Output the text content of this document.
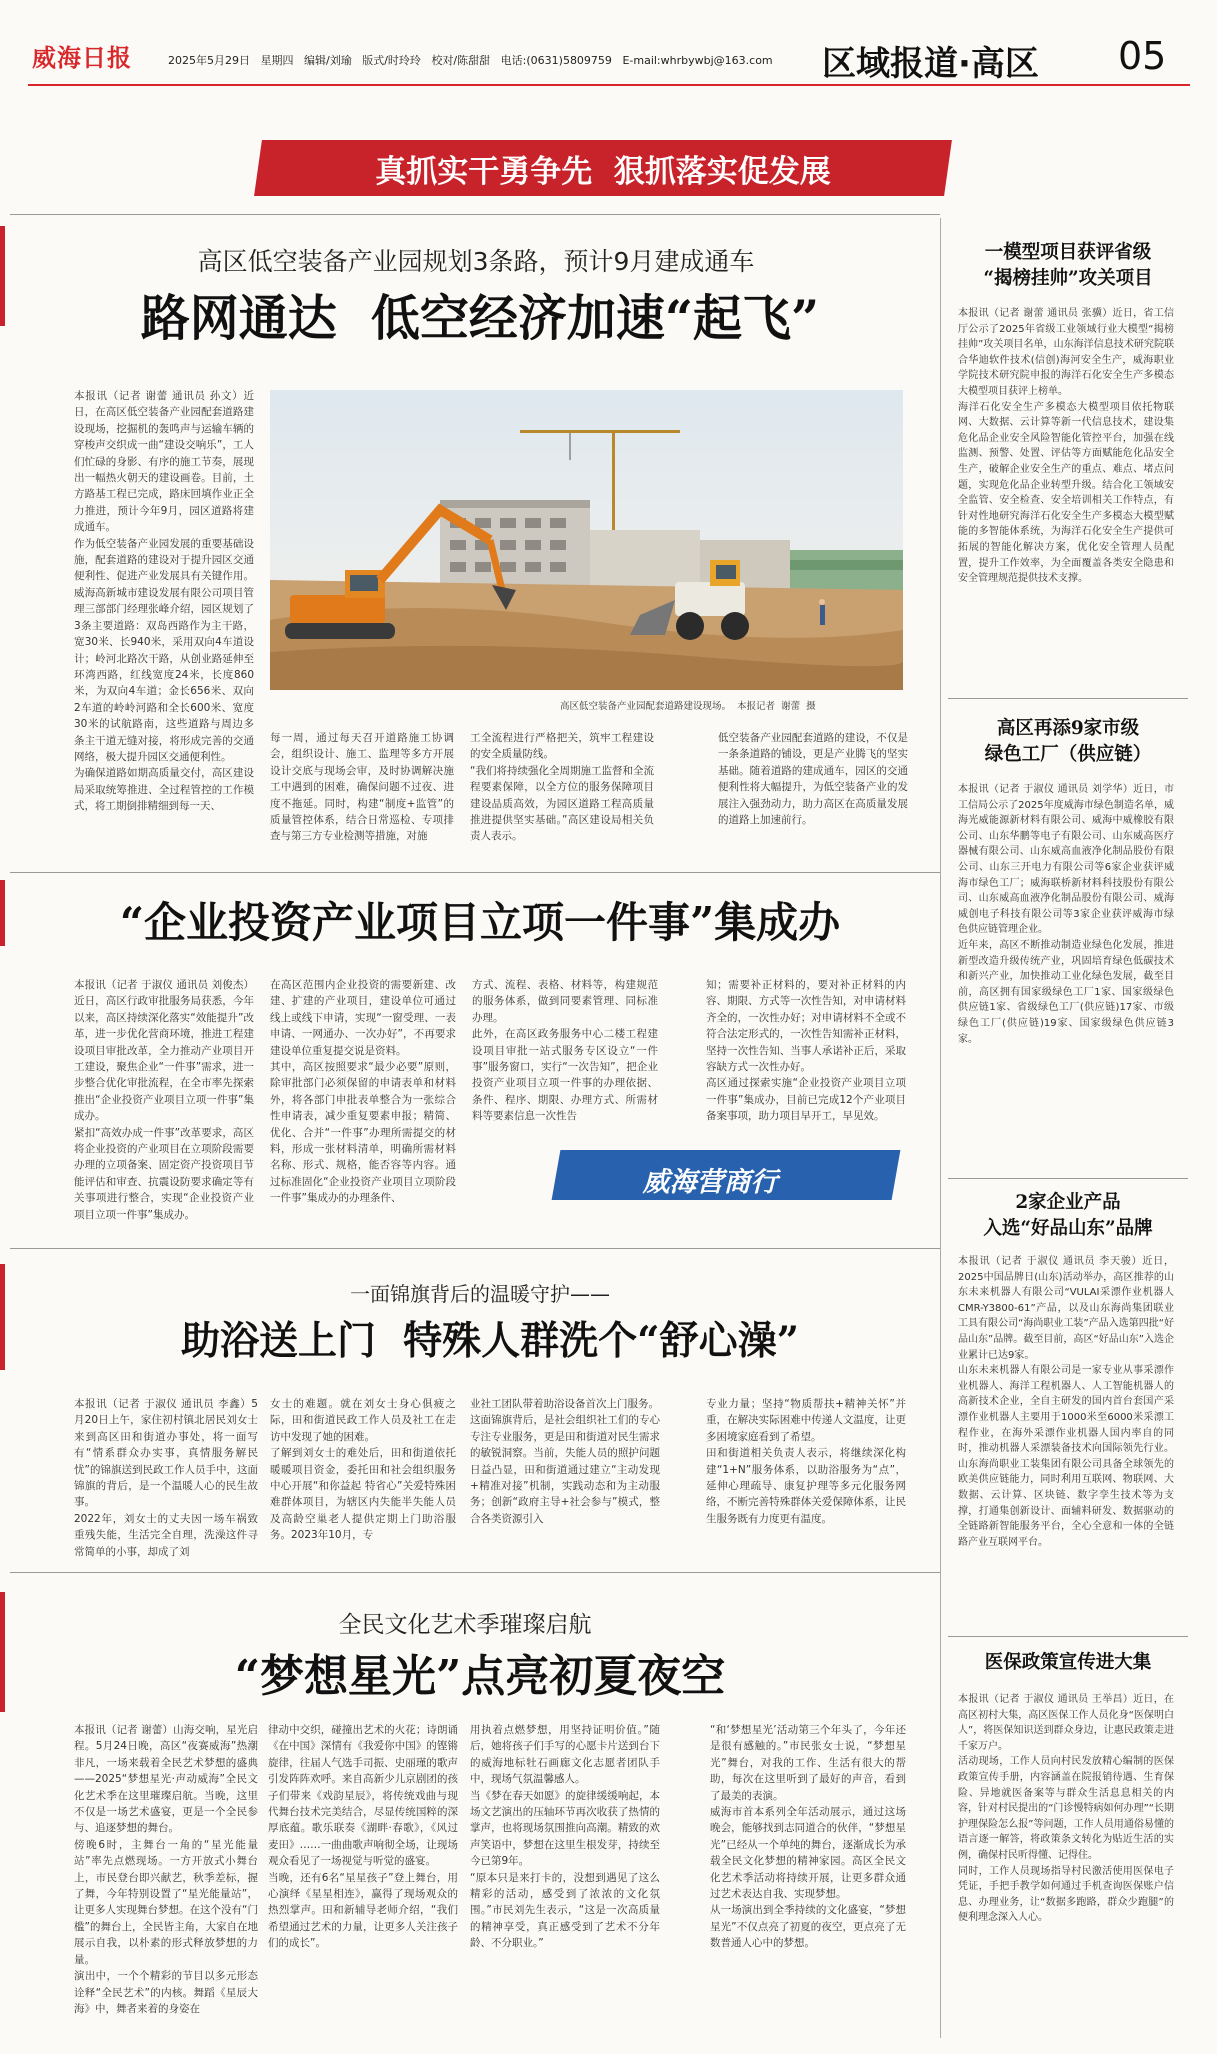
威海日报	2025年5月29日 星期四 编辑/刘瑜 版式/时玲玲 校对/陈甜甜 电话:(0631)5809759 E-mail:whrbywbj@163.com 区域报道·高区 05
真抓实干勇争先  狠抓落实促发展
高区低空装备产业园规划3条路，预计9月建成通车
路网通达  低空经济加速“起飞”
本报讯（记者 谢蕾 通讯员 孙文）近日，在高区低空装备产业园配套道路建设现场，挖掘机的轰鸣声与运输车辆的穿梭声交织成一曲“建设交响乐”，工人们忙碌的身影、有序的施工节奏，展现出一幅热火朝天的建设画卷。目前，土方路基工程已完成，路床回填作业正全力推进，预计今年9月，园区道路将建成通车。
作为低空装备产业园发展的重要基础设施，配套道路的建设对于提升园区交通便利性、促进产业发展具有关键作用。威海高新城市建设发展有限公司项目管理三部部门经理张峰介绍，园区规划了3条主要道路：双岛西路作为主干路，宽30米、长940米，采用双向4车道设计；岭河北路次干路，从创业路延伸至环湾西路，红线宽度24米，长度860米，为双向4车道；金长656米、双向2车道的岭岭河路和全长600米、宽度30米的试航路南，这些道路与周边多条主干道无缝对接，将形成完善的交通网络，极大提升园区交通便利性。
为确保道路如期高质量交付，高区建设局采取统筹推进、全过程管控的工作模式，将工期倒排精细到每一天、
高区低空装备产业园配套道路建设现场。  本报记者  谢蕾  摄
每一周，通过每天召开道路施工协调会，组织设计、施工、监理等多方开展设计交底与现场会审，及时协调解决施工中遇到的困难，确保问题不过夜、进度不拖延。同时，构建“制度+监管”的质量管控体系，结合日常巡检、专项排查与第三方专业检测等措施，对施
工全流程进行严格把关，筑牢工程建设的安全质量防线。
“我们将持续强化全周期施工监督和全流程要素保障，以全方位的服务保障项目建设品质高效，为园区道路工程高质量推进提供坚实基础。”高区建设局相关负责人表示。
低空装备产业园配套道路的建设，不仅是一条条道路的铺设，更是产业腾飞的坚实基础。随着道路的建成通车，园区的交通便利性将大幅提升，为低空装备产业的发展注入强劲动力，助力高区在高质量发展的道路上加速前行。
“企业投资产业项目立项一件事”集成办
本报讯（记者 于淑仪 通讯员 刘俊杰）近日，高区行政审批服务局获悉，今年以来，高区持续深化落实“效能提升”改革，进一步优化营商环境，推进工程建设项目审批改革，全力推动产业项目开工建设，聚焦企业“一件事”需求，进一步整合优化审批流程，在全市率先探索推出“企业投资产业项目立项一件事”集成办。
紧扣“高效办成一件事”改革要求，高区将企业投资的产业项目在立项阶段需要办理的立项备案、固定资产投资项目节能评估和审查、抗震设防要求确定等有关事项进行整合，实现“企业投资产业项目立项一件事”集成办。
在高区范围内企业投资的需要新建、改建、扩建的产业项目，建设单位可通过线上或线下申请，实现“一窗受理、一表申请、一网通办、一次办好”，不再要求建设单位重复提交说是资料。
其中，高区按照要求“最少必要”原则，除审批部门必须保留的申请表单和材料外，将各部门申批表单整合为一张综合性申请表，减少重复要素申报；精简、优化、合并“一件事”办理所需提交的材料，形成一张材料清单，明确所需材料名称、形式、规格，能否容等内容。通过标准固化“企业投资产业项目立项阶段一件事”集成办的办理条件、
方式、流程、表格、材料等，构建规范的服务体系，做到同要素管理、同标准办理。
此外，在高区政务服务中心二楼工程建设项目审批一站式服务专区设立“一件事”服务窗口，实行“一次告知”，把企业投资产业项目立项一件事的办理依据、条件、程序、期限、办理方式、所需材料等要素信息一次性告
知；需要补正材料的，要对补正材料的内容、期限、方式等一次性告知，对申请材料齐全的，一次性办好；对申请材料不全或不符合法定形式的，一次性告知需补正材料，坚持一次性告知、当事人承诺补正后，采取容缺方式一次性办好。
高区通过探索实施“企业投资产业项目立项一件事”集成办，目前已完成12个产业项目备案事项，助力项目早开工，早见效。
威海营商行
一面锦旗背后的温暖守护——
助浴送上门  特殊人群洗个“舒心澡”
本报讯（记者 于淑仪 通讯员 李鑫）5月20日上午，家住初村镇北居民刘女士来到高区田和街道办事处，将一面写有“情系群众办实事，真情服务解民忧”的锦旗送到民政工作人员手中，这面锦旗的背后，是一个温暖人心的民生故事。
2022年，刘女士的丈夫因一场车祸致重残失能，生活完全自理，洗澡这件寻常简单的小事，却成了刘
女士的难题。就在刘女士身心俱疲之际，田和街道民政工作人员及社工在走访中发现了她的困难。
了解到刘女士的难处后，田和街道依托暖暖项目资金，委托田和社会组织服务中心开展“和你益起 特省心”关爱特殊困难群体项目，为辖区内失能半失能人员及高龄空巢老人提供定期上门助浴服务。2023年10月，专
业社工团队带着助浴设备首次上门服务。
这面锦旗背后，是社会组织社工们的专心专注专业服务，更是田和街道对民生需求的敏锐洞察。当前，失能人员的照护问题日益凸显，田和街道通过建立“主动发现+精准对接”机制，实践动态和为主动服务；创新“政府主导+社会参与”模式，整合各类资源引入
专业力量；坚持“物质帮扶+精神关怀”并重，在解决实际困难中传递人文温度，让更多困境家庭看到了希望。
田和街道相关负责人表示，将继续深化构建“1+N”服务体系，以助浴服务为“点”，延伸心理疏导、康复护理等多元化服务网络，不断完善特殊群体关爱保障体系，让民生服务既有力度更有温度。
全民文化艺术季璀璨启航
“梦想星光”点亮初夏夜空
本报讯（记者 谢蕾）山海交响，星光启程。5月24日晚，高区“夜赛威海”热潮非凡，一场来载着全民艺术梦想的盛典——2025“梦想星光·声动威海”全民文化艺术季在这里璀璨启航。当晚，这里不仅是一场艺术盛宴，更是一个全民参与、追逐梦想的舞台。
傍晚6时，主舞台一角的“星光能量站”率先点燃现场。一方开放式小舞台上，市民登台即兴献艺，秋季差标，握了舞，今年特别设置了“星光能量站”，让更多人实现舞台梦想。在这个没有“门槛”的舞台上，全民皆主角，大家自在地展示自我，以朴素的形式释放梦想的力量。
演出中，一个个精彩的节目以多元形态诠释“全民艺术”的内核。舞蹈《星辰大海》中，舞者来着的身姿在
律动中交织，碰撞出艺术的火花；诗朗诵《在中国》深情有《我爱你中国》的铿锵旋律，往届人气选手司振、史丽瑾的歌声引发阵阵欢呼。来自高新少儿京剧团的孩子们带来《戏韵星辰》，将传统戏曲与现代舞台技术完美结合，尽显传统国粹的深厚底蕴。歌乐联奏《湖畔·春歌》，《风过麦田》……一曲曲歌声响彻全场，让现场观众看见了一场视觉与听觉的盛宴。
当晚，还有6名“星星孩子”登上舞台，用心演绎《星星相连》，赢得了现场观众的热烈掌声。田和新辅导老师介绍，“我们希望通过艺术的力量，让更多人关注孩子们的成长”。
用执着点燃梦想，用坚持证明价值。”随后，她将孩子们手写的心愿卡片送到台下的威海地标牡石画廊文化志愿者团队手中，现场气氛温馨感人。
当《梦在春天如愿》的旋律缓缓响起，本场文艺演出的压轴环节再次收获了热情的掌声，也将现场氛围推向高潮。精致的欢声笑语中，梦想在这里生根发芽，持续至今已第9年。
“原本只是来打卡的，没想到遇见了这么精彩的活动，感受到了浓浓的文化氛围。”市民刘先生表示，“这是一次高质量的精神享受，真正感受到了艺术不分年龄、不分职业。”
“和‘梦想星光’活动第三个年头了，今年还是很有感触的。”市民张女士说，“梦想星光”舞台，对我的工作、生活有很大的帮助，每次在这里听到了最好的声音，看到了最美的表演。
威海市首本系列全年活动展示，通过这场晚会，能够找到志同道合的伙伴，“梦想星光”已经从一个单纯的舞台，逐渐成长为承载全民文化梦想的精神家园。高区全民文化艺术季活动将持续开展，让更多群众通过艺术表达自我、实现梦想。
从一场演出到全季持续的文化盛宴，“梦想星光”不仅点亮了初夏的夜空，更点亮了无数普通人心中的梦想。
一模型项目获评省级
“揭榜挂帅”攻关项目
本报讯（记者 谢蕾 通讯员 张骥）近日，省工信厅公示了2025年省级工业领域行业大模型“揭榜挂帅”攻关项目名单，山东海洋信息技术研究院联合华迪软件技术(信创)海河安全生产，威海职业学院技术研究院申报的海洋石化安全生产多模态大模型项目获评上榜单。
海洋石化安全生产多模态大模型项目依托物联网、大数据、云计算等新一代信息技术，建设集危化品企业安全风险智能化管控平台，加强在线监测、预警、处置、评估等方面赋能危化品安全生产，破解企业安全生产的重点、难点、堵点问题，实现危化品企业转型升级。结合化工领域安全监管、安全检查、安全培训相关工作特点，有针对性地研究海洋石化安全生产多模态大模型赋能的多智能体系统，为海洋石化安全生产提供可拓展的智能化解决方案，优化安全管理人员配置，提升工作效率，为全面覆盖各类安全隐患和安全管理规范提供技术支撑。
高区再添9家市级
绿色工厂（供应链）
本报讯（记者 于淑仪 通讯员 刘学华）近日，市工信局公示了2025年度威海市绿色制造名单，威海光威能源新材料有限公司、威海中威橡胶有限公司、山东华鹏等电子有限公司、山东威高医疗器械有限公司、山东威高血液净化制品股份有限公司、山东三开电力有限公司等6家企业获评威海市绿色工厂；威海联桥新材料科技股份有限公司、山东威高血液净化制品股份有限公司、威海威创电子科技有限公司等3家企业获评威海市绿色供应链管理企业。
近年来，高区不断推动制造业绿色化发展，推进新型改造升级传统产业，巩固培育绿色低碳技术和新兴产业，加快推动工业化绿色发展，截至目前，高区拥有国家级绿色工厂1家、国家级绿色供应链1家、省级绿色工厂(供应链)17家、市级绿色工厂(供应链)19家、国家级绿色供应链3家。
2家企业产品
入选“好品山东”品牌
本报讯（记者 于淑仪 通讯员 李天骏）近日，2025中国品牌日(山东)活动举办，高区推荐的山东未来机器人有限公司“VULAI采漂作业机器人CMR-Y3800-61”产品，以及山东海尚集团联业工具有限公司“海尚职业工装”产品入选第四批“好品山东”品牌。截至目前，高区“好品山东”入选企业累计已达9家。
山东未来机器人有限公司是一家专业从事采漂作业机器人、海洋工程机器人、人工智能机器人的高新技术企业，全自主研发的国内首台套国产采漂作业机器人主要用于1000米至6000米采漂工程作业，在海外采漂作业机器人国内率自的同时，推动机器人采漂装备技术向国际领先行业。山东海尚职业工装集团有限公司具备全球领先的欧美供应链能力，同时利用互联网、物联网、大数据、云计算、区块链、数字孪生技术等为支撑，打通集创新设计、面辅料研发、数据驱动的全链路新智能服务平台，全心全意和一体的全链路产业互联网平台。
医保政策宣传进大集
本报讯（记者 于淑仪 通讯员 王举昌）近日，在高区初村大集，高区医保工作人员化身“医保明白人”，将医保知识送到群众身边，让惠民政策走进千家万户。
活动现场，工作人员向村民发放精心编制的医保政策宣传手册，内容涵盖在院报销待遇、生育保险、异地就医备案等与群众生活息息相关的内容，针对村民提出的“门诊慢特病如何办理”“长期护理保险怎么报”等问题，工作人员用通俗易懂的语言逐一解答，将政策条文转化为贴近生活的实例，确保村民听得懂、记得住。
同时，工作人员现场指导村民激活使用医保电子凭证，手把手教学如何通过手机查询医保账户信息、办理业务，让“数据多跑路，群众少跑腿”的便利理念深入人心。
